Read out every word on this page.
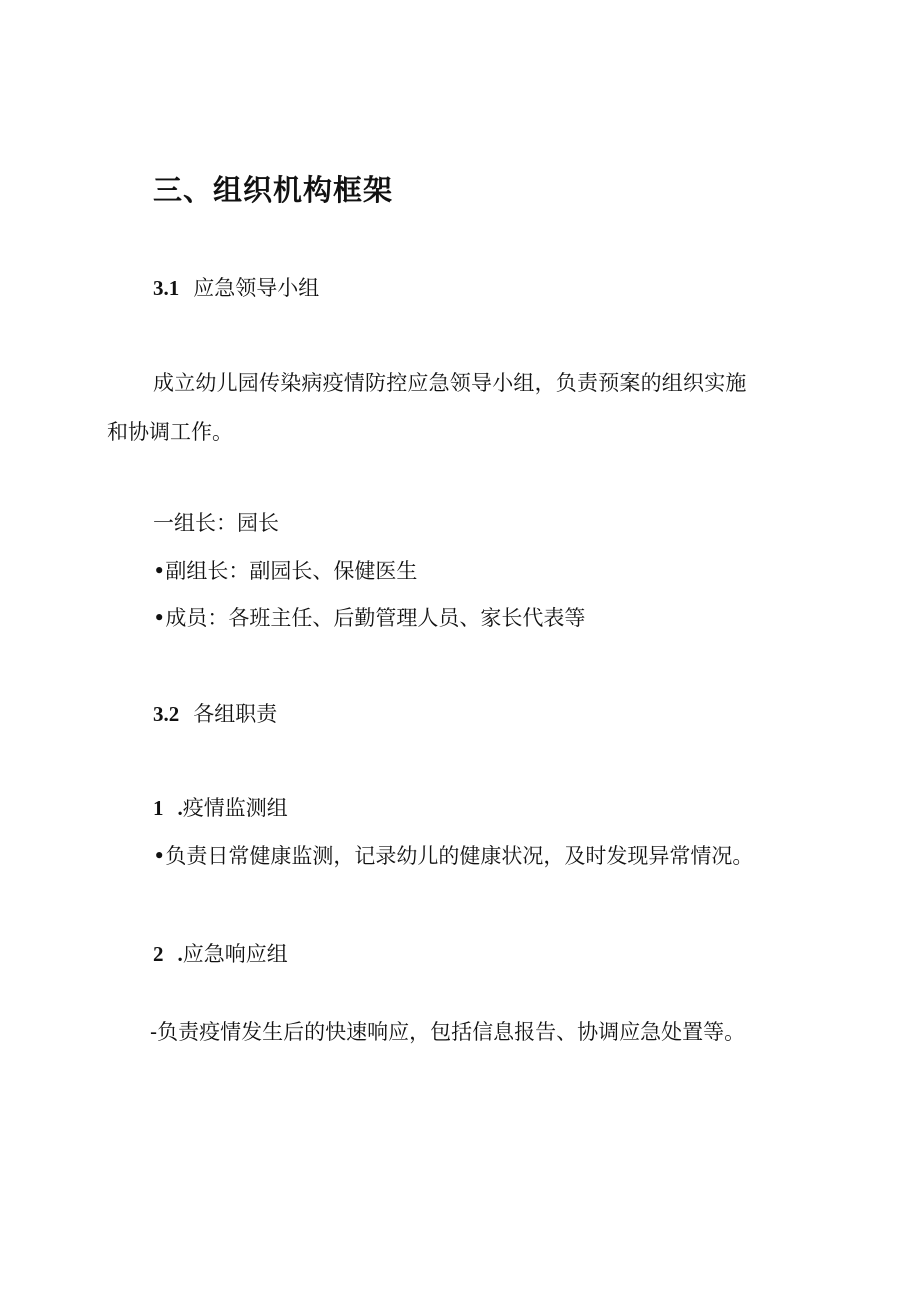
三、组织机构框架
3.1 应急领导小组

成立幼儿园传染病疫情防控应急领导小组，负责预案的组织实施

和协调工作。

一组长：园长
•副组长：副园长、保健医生
•成员：各班主任、后勤管理人员、家长代表等
3.2 各组职责
1 .疫情监测组
•负责日常健康监测，记录幼儿的健康状况，及时发现异常情况。
2 .应急响应组
-负责疫情发生后的快速响应，包括信息报告、协调应急处置等。
